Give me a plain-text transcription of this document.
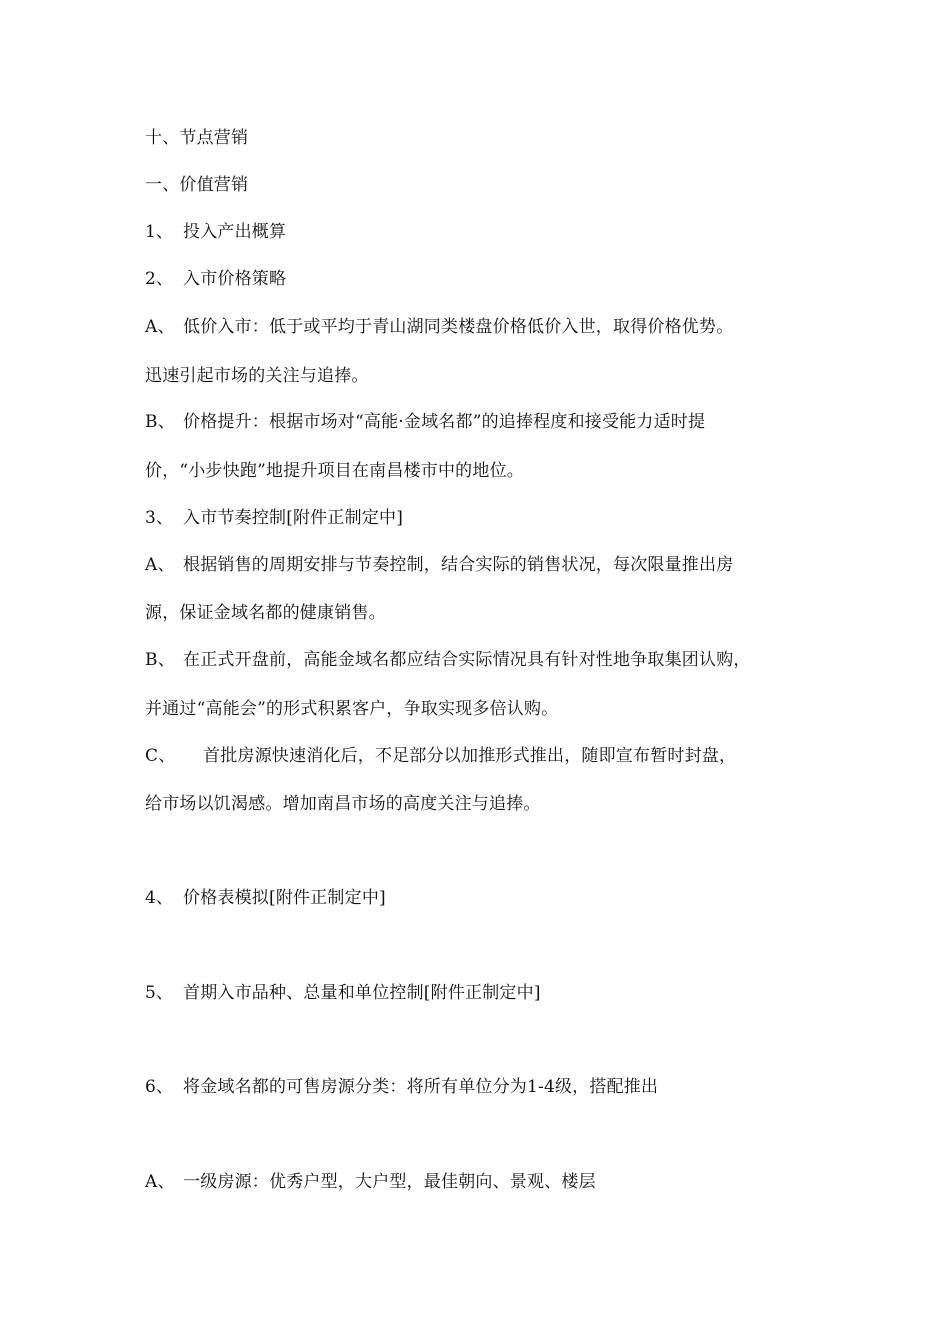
十、节点营销
一、价值营销
1、 投入产出概算
2、 入市价格策略
A、 低价入市：低于或平均于青山湖同类楼盘价格低价入世，取得价格优势。
迅速引起市场的关注与追捧。
B、 价格提升：根据市场对“高能·金域名都”的追捧程度和接受能力适时提
价，“小步快跑”地提升项目在南昌楼市中的地位。
3、 入市节奏控制[附件正制定中]
A、 根据销售的周期安排与节奏控制，结合实际的销售状况，每次限量推出房
源，保证金域名都的健康销售。
B、 在正式开盘前，高能金域名都应结合实际情况具有针对性地争取集团认购，
并通过“高能会”的形式积累客户，争取实现多倍认购。
C、 首批房源快速消化后，不足部分以加推形式推出，随即宣布暂时封盘，
给市场以饥渴感。增加南昌市场的高度关注与追捧。
4、 价格表模拟[附件正制定中]
5、 首期入市品种、总量和单位控制[附件正制定中]
6、 将金域名都的可售房源分类：将所有单位分为1-4级，搭配推出
A、 一级房源：优秀户型，大户型，最佳朝向、景观、楼层
